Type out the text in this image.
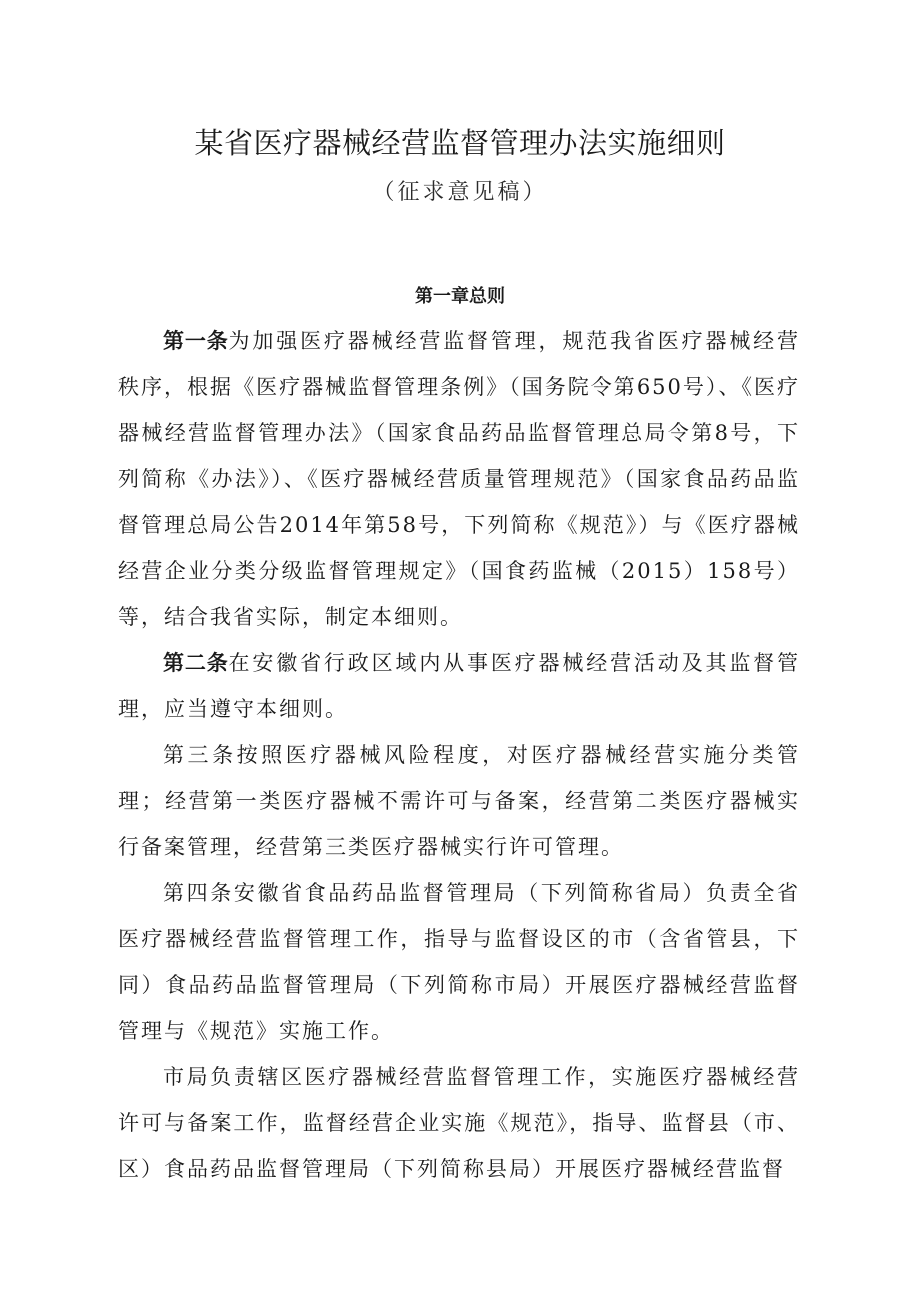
某省医疗器械经营监督管理办法实施细则
（征求意见稿）
第一章总则

第一条为加强医疗器械经营监督管理，规范我省医疗器械经营秩序，根据《医疗器械监督管理条例》（国务院令第650号）、《医疗器械经营监督管理办法》（国家食品药品监督管理总局令第8号，下列简称《办法》）、《医疗器械经营质量管理规范》（国家食品药品监督管理总局公告2014年第58号，下列简称《规范》）与《医疗器械经营企业分类分级监督管理规定》（国食药监械（2015）158号）等，结合我省实际，制定本细则。

第二条在安徽省行政区域内从事医疗器械经营活动及其监督管理，应当遵守本细则。

第三条按照医疗器械风险程度，对医疗器械经营实施分类管理；经营第一类医疗器械不需许可与备案，经营第二类医疗器械实行备案管理，经营第三类医疗器械实行许可管理。

第四条安徽省食品药品监督管理局（下列简称省局）负责全省医疗器械经营监督管理工作，指导与监督设区的市（含省管县，下同）食品药品监督管理局（下列简称市局）开展医疗器械经营监督管理与《规范》实施工作。

市局负责辖区医疗器械经营监督管理工作，实施医疗器械经营许可与备案工作，监督经营企业实施《规范》，指导、监督县（市、区）食品药品监督管理局（下列简称县局）开展医疗器械经营监督
